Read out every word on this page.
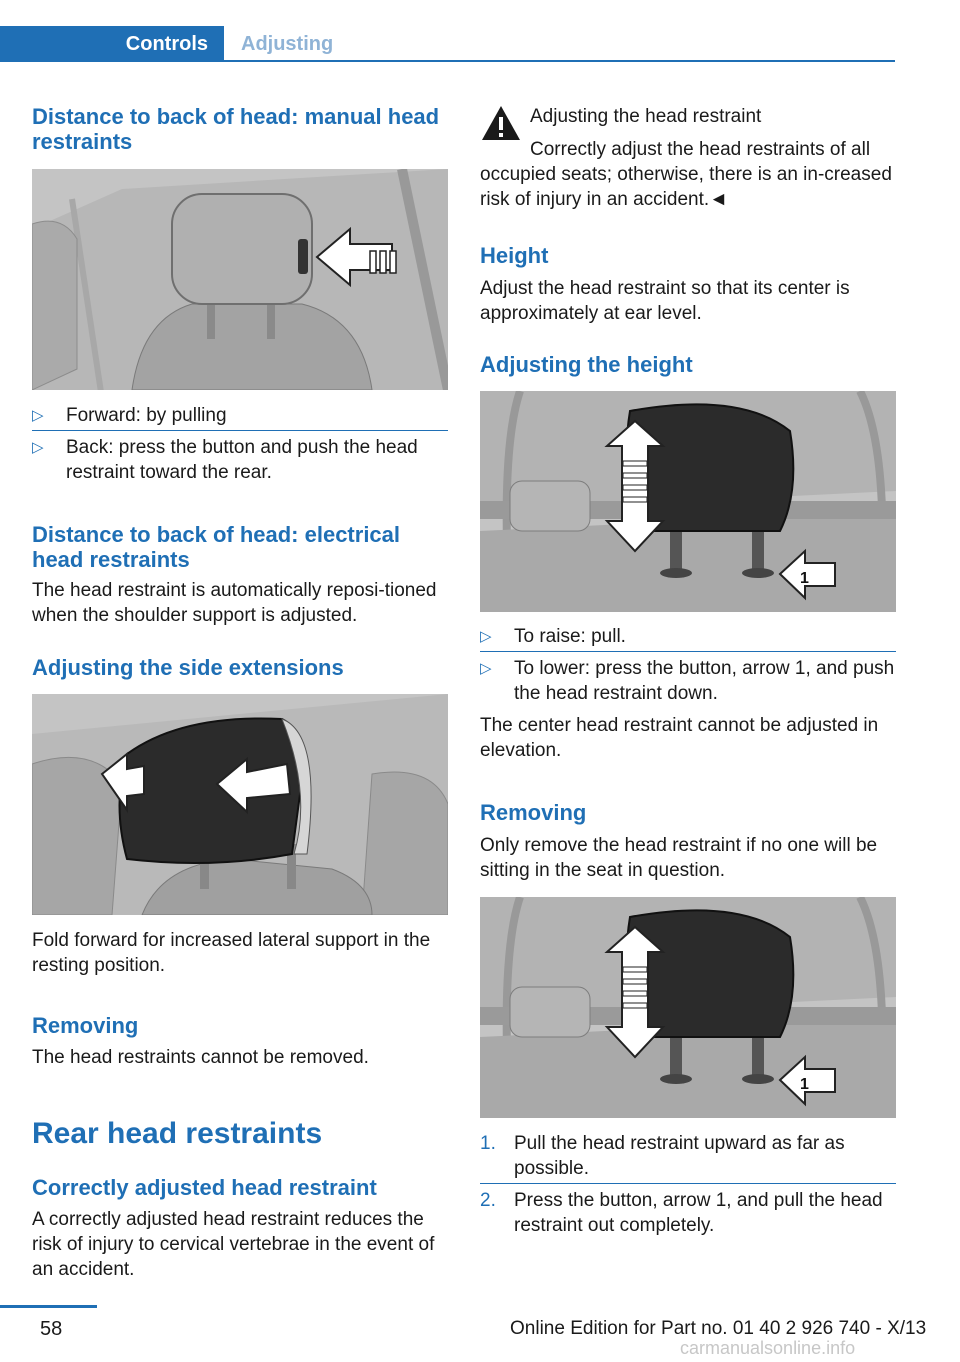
Controls	Adjusting
Distance to back of head: manual head restraints
▷ Forward: by pulling
▷ Back: press the button and push the head restraint toward the rear.
Distance to back of head: electrical head restraints
The head restraint is automatically reposi-tioned when the shoulder support is adjusted.
Adjusting the side extensions
Fold forward for increased lateral support in the resting position.
Removing
The head restraints cannot be removed.
Rear head restraints
Correctly adjusted head restraint
A correctly adjusted head restraint reduces the risk of injury to cervical vertebrae in the event of an accident.
Adjusting the head restraint
Correctly adjust the head restraints of all occupied seats; otherwise, there is an in-creased risk of injury in an accident.◄
Height
Adjust the head restraint so that its center is approximately at ear level.
Adjusting the height
1
▷ To raise: pull.
▷ To lower: press the button, arrow 1, and push the head restraint down.
The center head restraint cannot be adjusted in elevation.
Removing
Only remove the head restraint if no one will be sitting in the seat in question.
1
1. Pull the head restraint upward as far as possible.
2. Press the button, arrow 1, and pull the head restraint out completely.
58	Online Edition for Part no. 01 40 2 926 740 - X/13
carmanualsonline.info
